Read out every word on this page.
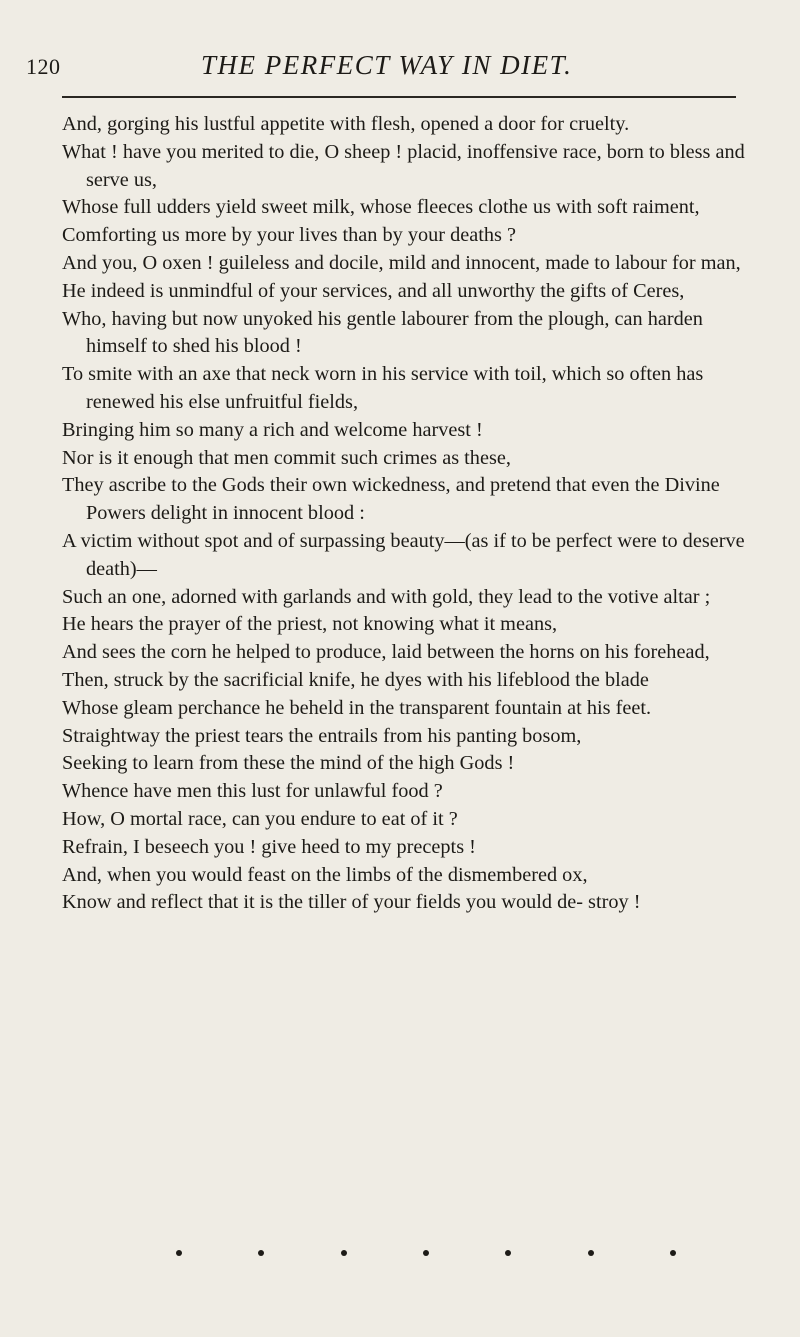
120	THE PERFECT WAY IN DIET.

And, gorging his lustful appetite with flesh, opened a door for cruelty.

What ! have you merited to die, O sheep ! placid, inoffensive race, born to bless and serve us,

Whose full udders yield sweet milk, whose fleeces clothe us with soft raiment,

Comforting us more by your lives than by your deaths ?

And you, O oxen ! guileless and docile, mild and innocent, made to labour for man,

He indeed is unmindful of your services, and all unworthy the gifts of Ceres,

Who, having but now unyoked his gentle labourer from the plough, can harden himself to shed his blood !

To smite with an axe that neck worn in his service with toil, which so often has renewed his else unfruitful fields,

Bringing him so many a rich and welcome harvest !

Nor is it enough that men commit such crimes as these,

They ascribe to the Gods their own wickedness, and pretend that even the Divine Powers delight in innocent blood :

A victim without spot and of surpassing beauty—(as if to be perfect were to deserve death)—

Such an one, adorned with garlands and with gold, they lead to the votive altar ;

He hears the prayer of the priest, not knowing what it means,

And sees the corn he helped to produce, laid between the horns on his forehead,

Then, struck by the sacrificial knife, he dyes with his lifeblood the blade

Whose gleam perchance he beheld in the transparent fountain at his feet.

Straightway the priest tears the entrails from his panting bosom,

Seeking to learn from these the mind of the high Gods !

Whence have men this lust for unlawful food ?

How, O mortal race, can you endure to eat of it ?

Refrain, I beseech you ! give heed to my precepts !

And, when you would feast on the limbs of the dismembered ox,

Know and reflect that it is the tiller of your fields you would de- stroy !
